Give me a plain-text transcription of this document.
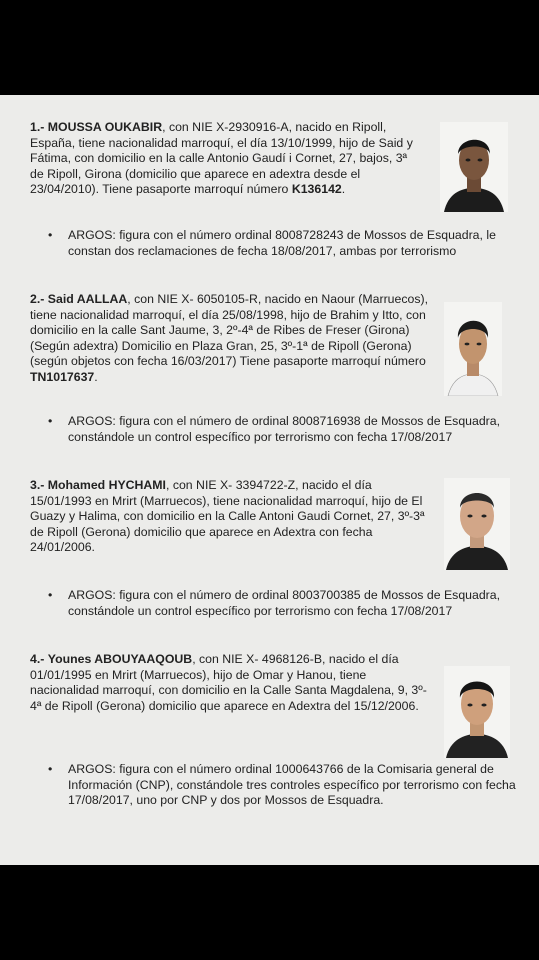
1.- MOUSSA OUKABIR, con NIE X-2930916-A, nacido en Ripoll, España, tiene nacionalidad marroquí, el día 13/10/1999, hijo de Said y Fátima, con domicilio en la calle Antonio Gaudí i Cornet, 27, bajos, 3ª de Ripoll, Girona (domicilio que aparece en adextra desde el 23/04/2010). Tiene pasaporte marroquí número K136142.
•	ARGOS: figura con el número ordinal 8008728243 de Mossos de Esquadra, le constan dos reclamaciones de fecha 18/08/2017, ambas por terrorismo
2.- Said AALLAA, con NIE X- 6050105-R, nacido en Naour (Marruecos), tiene nacionalidad marroquí, el día 25/08/1998, hijo de Brahim y Itto, con domicilio en la calle Sant Jaume, 3, 2º-4ª de Ribes de Freser (Girona) (Según adextra) Domicilio en Plaza Gran, 25, 3º-1ª de Ripoll (Gerona) (según objetos con fecha 16/03/2017) Tiene pasaporte marroquí número TN1017637.
•	ARGOS: figura con el número de ordinal 8008716938 de Mossos de Esquadra, constándole un control específico por terrorismo con fecha 17/08/2017
3.- Mohamed HYCHAMI, con NIE X- 3394722-Z, nacido el día 15/01/1993 en Mrirt (Marruecos), tiene nacionalidad marroquí, hijo de El Guazy y Halima, con domicilio en la Calle Antoni Gaudi Cornet, 27, 3º-3ª de Ripoll (Gerona) domicilio que aparece en Adextra con fecha 24/01/2006.
•	ARGOS: figura con el número de ordinal 8003700385 de Mossos de Esquadra, constándole un control específico por terrorismo con fecha 17/08/2017
4.- Younes ABOUYAAQOUB, con NIE X- 4968126-B, nacido el día 01/01/1995 en Mrirt (Marruecos), hijo de Omar y Hanou, tiene nacionalidad marroquí, con domicilio en la Calle Santa Magdalena, 9, 3º- 4ª de Ripoll (Gerona) domicilio que aparece en Adextra del 15/12/2006.
•	ARGOS: figura con el número ordinal 1000643766 de la Comisaria general de Información (CNP), constándole tres controles específico por terrorismo con fecha 17/08/2017, uno por CNP y dos por Mossos de Esquadra.
